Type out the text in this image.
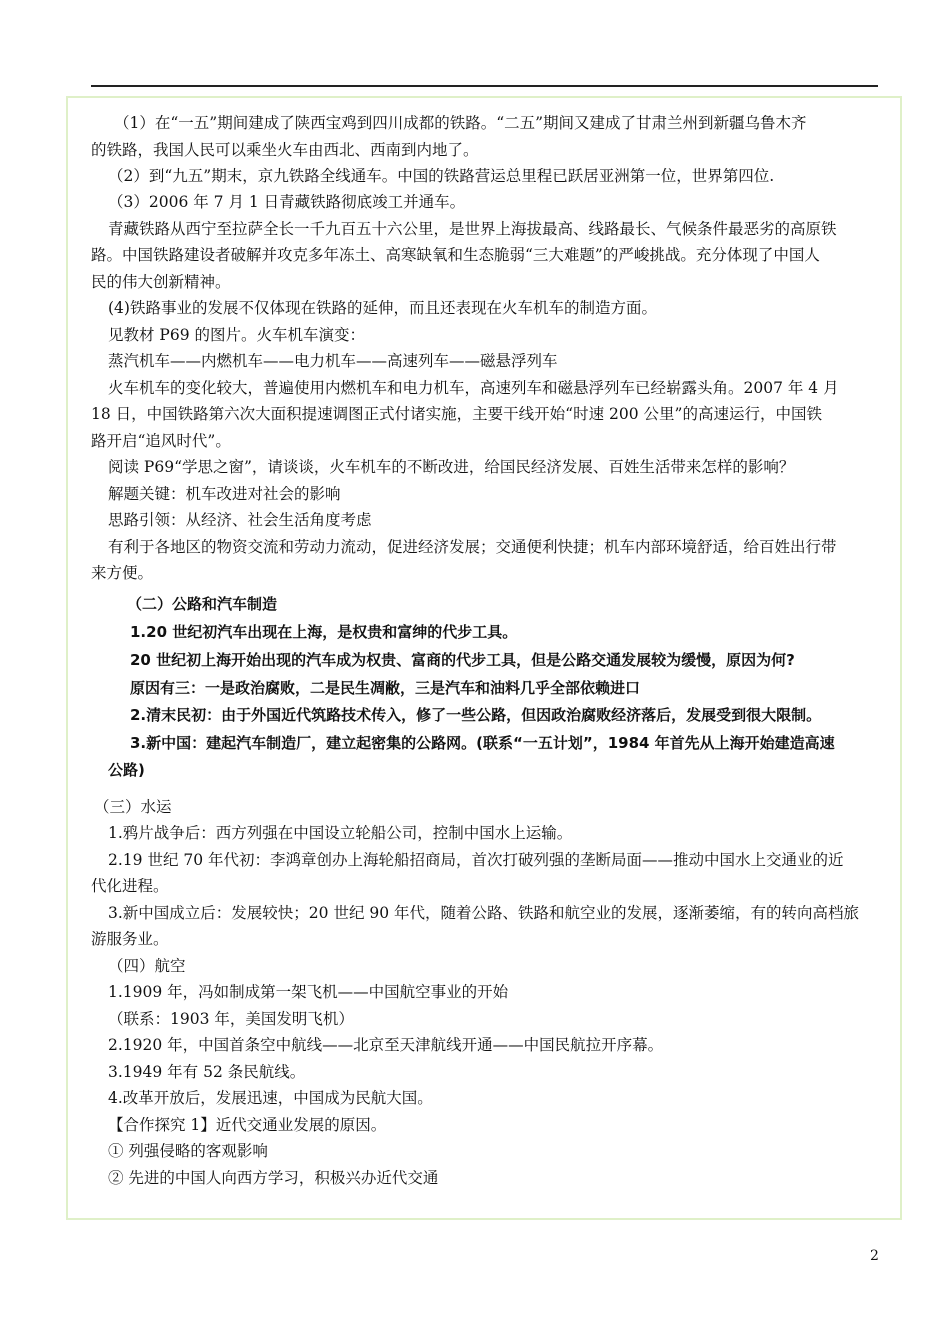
（1）在“一五”期间建成了陕西宝鸡到四川成都的铁路。“二五”期间又建成了甘肃兰州到新疆乌鲁木齐
的铁路，我国人民可以乘坐火车由西北、西南到内地了。
（2）到“九五”期末，京九铁路全线通车。中国的铁路营运总里程已跃居亚洲第一位，世界第四位.
（3）2006 年 7 月 1 日青藏铁路彻底竣工并通车。
青藏铁路从西宁至拉萨全长一千九百五十六公里，是世界上海拔最高、线路最长、气候条件最恶劣的高原铁
路。中国铁路建设者破解并攻克多年冻土、高寒缺氧和生态脆弱“三大难题”的严峻挑战。充分体现了中国人
民的伟大创新精神。
(4)铁路事业的发展不仅体现在铁路的延伸，而且还表现在火车机车的制造方面。
见教材 P69 的图片。火车机车演变：
蒸汽机车——内燃机车——电力机车——高速列车——磁悬浮列车
火车机车的变化较大，普遍使用内燃机车和电力机车，高速列车和磁悬浮列车已经崭露头角。2007 年 4 月
18 日，中国铁路第六次大面积提速调图正式付诸实施，主要干线开始“时速 200 公里”的高速运行，中国铁
路开启“追风时代”。
阅读 P69“学思之窗”，请谈谈，火车机车的不断改进，给国民经济发展、百姓生活带来怎样的影响？
解题关键：机车改进对社会的影响
思路引领：从经济、社会生活角度考虑
有利于各地区的物资交流和劳动力流动，促进经济发展；交通便利快捷；机车内部环境舒适，给百姓出行带
来方便。
（二）公路和汽车制造
1.20 世纪初汽车出现在上海，是权贵和富绅的代步工具。
20 世纪初上海开始出现的汽车成为权贵、富商的代步工具，但是公路交通发展较为缓慢，原因为何?
原因有三：一是政治腐败，二是民生凋敝，三是汽车和油料几乎全部依赖进口
2.清末民初：由于外国近代筑路技术传入，修了一些公路，但因政治腐败经济落后，发展受到很大限制。
3.新中国：建起汽车制造厂，建立起密集的公路网。(联系“一五计划”，1984 年首先从上海开始建造高速
公路)
（三）水运
1.鸦片战争后：西方列强在中国设立轮船公司，控制中国水上运输。
2.19 世纪 70 年代初：李鸿章创办上海轮船招商局，首次打破列强的垄断局面——推动中国水上交通业的近
代化进程。
3.新中国成立后：发展较快；20 世纪 90 年代，随着公路、铁路和航空业的发展，逐渐萎缩，有的转向高档旅
游服务业。
（四）航空
1.1909 年，冯如制成第一架飞机——中国航空事业的开始
（联系：1903 年，美国发明飞机）
2.1920 年，中国首条空中航线——北京至天津航线开通——中国民航拉开序幕。
3.1949 年有 52 条民航线。
4.改革开放后，发展迅速，中国成为民航大国。
【合作探究 1】近代交通业发展的原因。
① 列强侵略的客观影响
② 先进的中国人向西方学习，积极兴办近代交通
2
